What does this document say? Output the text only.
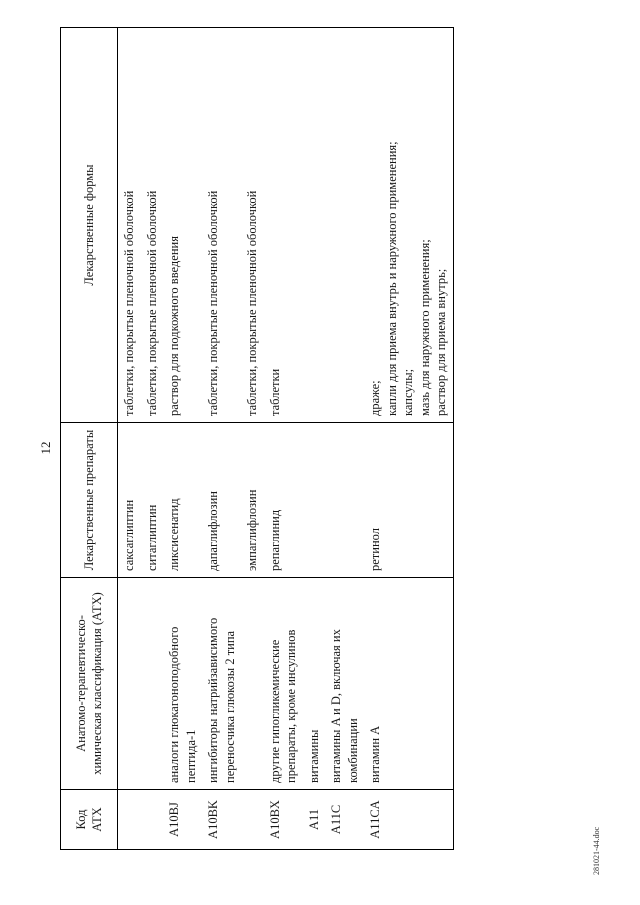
12
Код АТХ	Анатомо-терапевтическо-химическая классификация (АТХ)	Лекарственные препараты	Лекарственные формы
		саксаглиптин	таблетки, покрытые пленочной оболочкой
		ситаглиптин	таблетки, покрытые пленочной оболочкой
A10BJ	аналоги глюкагоноподобного пептида-1	ликсисенатид	раствор для подкожного введения
A10BK	ингибиторы натрийзависимого переносчика глюкозы 2 типа	дапаглифлозин	таблетки, покрытые пленочной оболочкой
		эмпаглифлозин	таблетки, покрытые пленочной оболочкой
A10BX	другие гипогликемические препараты, кроме инсулинов	репаглинид	таблетки
A11	витамины		
A11C	витамины A и D, включая их комбинации		
A11CA	витамин A	ретинол	драже;
капли для приема внутрь и наружного применения;
капсулы;
мазь для наружного применения;
раствор для приема внутрь;
281021-44.doc
